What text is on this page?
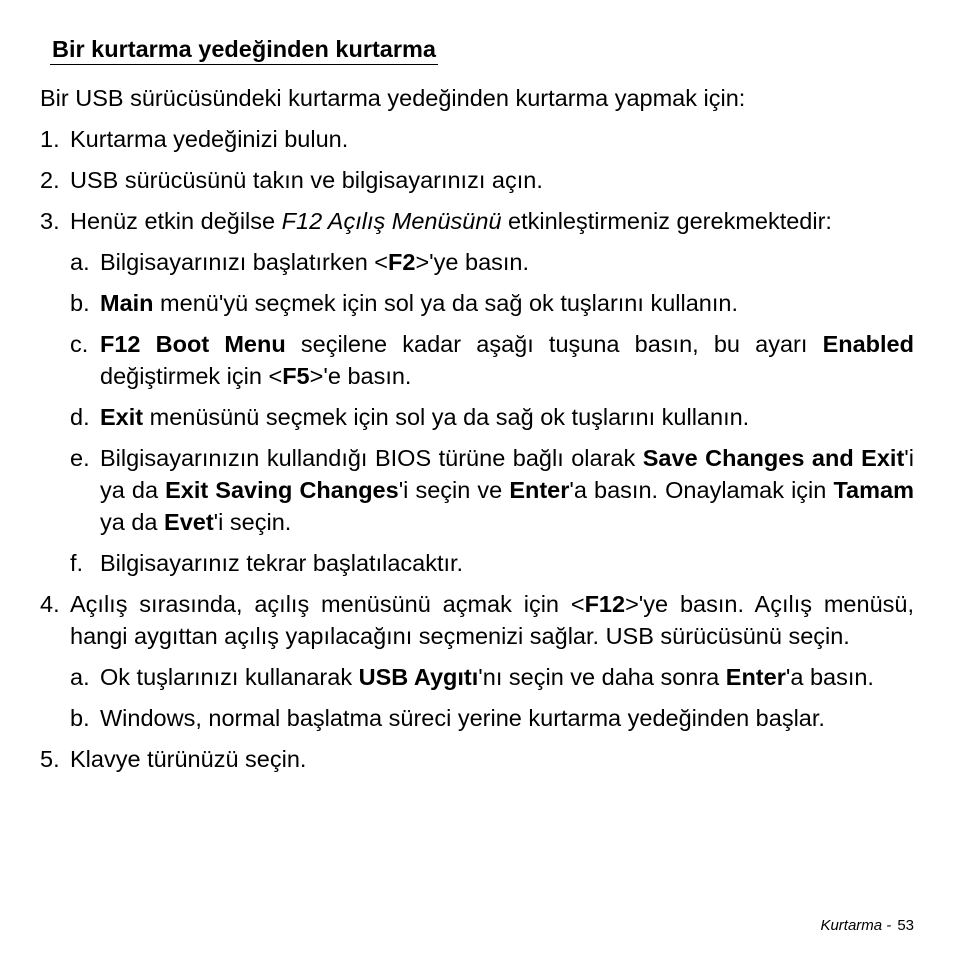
Bir kurtarma yedeğinden kurtarma

Bir USB sürücüsündeki kurtarma yedeğinden kurtarma yapmak için:

1. Kurtarma yedeğinizi bulun.
2. USB sürücüsünü takın ve bilgisayarınızı açın.
3. Henüz etkin değilse F12 Açılış Menüsünü etkinleştirmeniz gerekmektedir:
a. Bilgisayarınızı başlatırken <F2>'ye basın.
b. Main menü'yü seçmek için sol ya da sağ ok tuşlarını kullanın.
c. F12 Boot Menu seçilene kadar aşağı tuşuna basın, bu ayarı Enabled değiştirmek için <F5>'e basın.
d. Exit menüsünü seçmek için sol ya da sağ ok tuşlarını kullanın.
e. Bilgisayarınızın kullandığı BIOS türüne bağlı olarak Save Changes and Exit'i ya da Exit Saving Changes'i seçin ve Enter'a basın. Onaylamak için Tamam ya da Evet'i seçin.
f. Bilgisayarınız tekrar başlatılacaktır.
4. Açılış sırasında, açılış menüsünü açmak için <F12>'ye basın. Açılış menüsü, hangi aygıttan açılış yapılacağını seçmenizi sağlar. USB sürücüsünü seçin.
a. Ok tuşlarınızı kullanarak USB Aygıtı'nı seçin ve daha sonra Enter'a basın.
b. Windows, normal başlatma süreci yerine kurtarma yedeğinden başlar.
5. Klavye türünüzü seçin.
Kurtarma - 53
